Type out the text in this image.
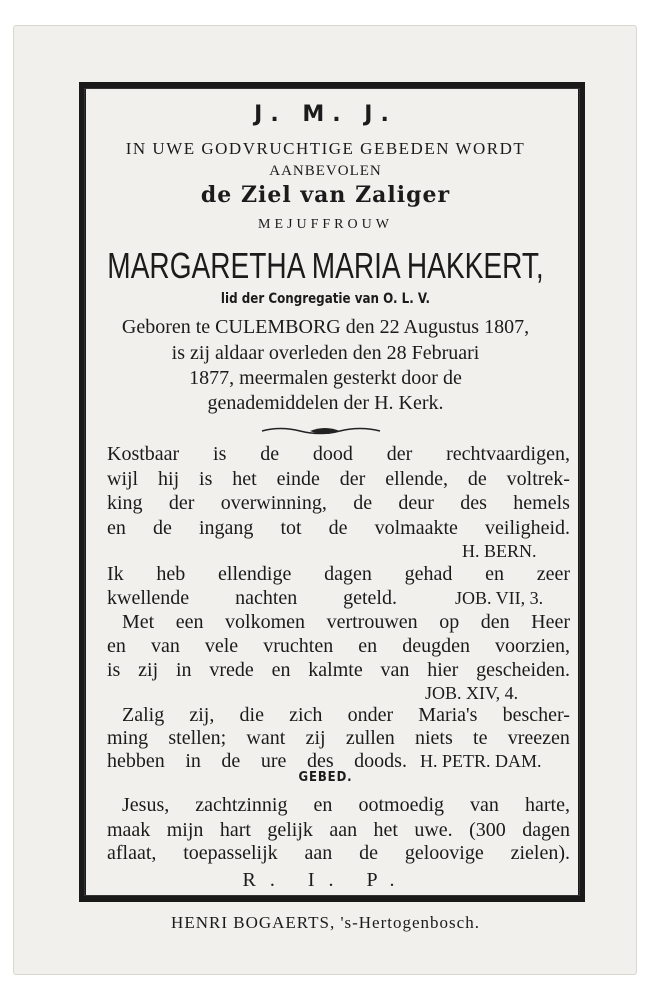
J. M. J.
IN UWE GODVRUCHTIGE GEBEDEN WORDT
AANBEVOLEN
de Ziel van Zaliger
MEJUFFROUW
MARGARETHA MARIA HAKKERT,
lid der Congregatie van O. L. V.
Geboren te CULEMBORG den 22 Augustus 1807,
is zij aldaar overleden den 28 Februari
1877, meermalen gesterkt door de
genademiddelen der H. Kerk.
Kostbaar is de dood der rechtvaardigen,
wijl hij is het einde der ellende, de voltrek-
king der overwinning, de deur des hemels
en de ingang tot de volmaakte veiligheid.
H. BERN.
Ik heb ellendige dagen gehad en zeer
kwellende nachten geteld.	JOB. VII, 3.
Met een volkomen vertrouwen op den Heer
en van vele vruchten en deugden voorzien,
is zij in vrede en kalmte van hier gescheiden.
JOB. XIV, 4.
Zalig zij, die zich onder Maria's bescher-
ming stellen; want zij zullen niets te vreezen
hebben in de ure des doods. H. PETR. DAM.
GEBED.
Jesus, zachtzinnig en ootmoedig van harte,
maak mijn hart gelijk aan het uwe. (300 dagen
aflaat, toepasselijk aan de geloovige zielen).
R. I. P.
HENRI BOGAERTS, 's-Hertogenbosch.
